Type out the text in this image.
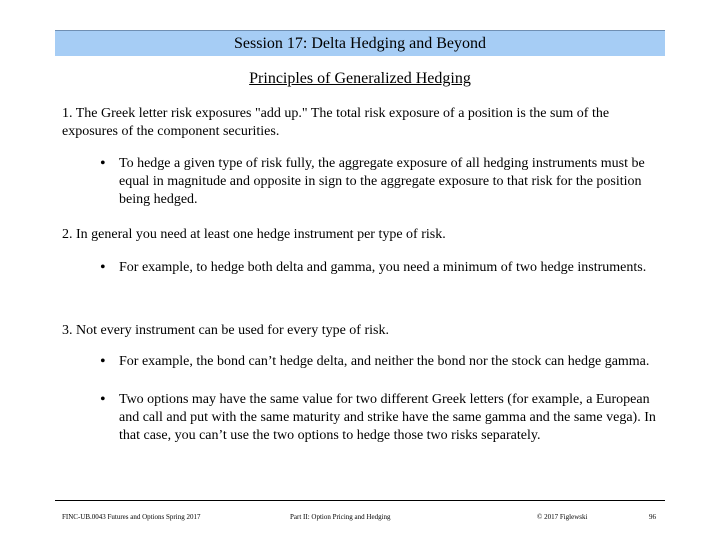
Session 17: Delta Hedging and Beyond
Principles of Generalized Hedging
1. The Greek letter risk exposures "add up." The total risk exposure of a position is the sum of the exposures of the component securities.
• To hedge a given type of risk fully, the aggregate exposure of all hedging instruments must be equal in magnitude and opposite in sign to the aggregate exposure to that risk for the position being hedged.
2. In general you need at least one hedge instrument per type of risk.
• For example, to hedge both delta and gamma, you need a minimum of two hedge instruments.
3. Not every instrument can be used for every type of risk.
• For example, the bond can’t hedge delta, and neither the bond nor the stock can hedge gamma.
• Two options may have the same value for two different Greek letters (for example, a European and call and put with the same maturity and strike have the same gamma and the same vega). In that case, you can’t use the two options to hedge those two risks separately.
FINC-UB.0043 Futures and Options Spring 2017	Part II: Option Pricing and Hedging	© 2017 Figlewski	96
